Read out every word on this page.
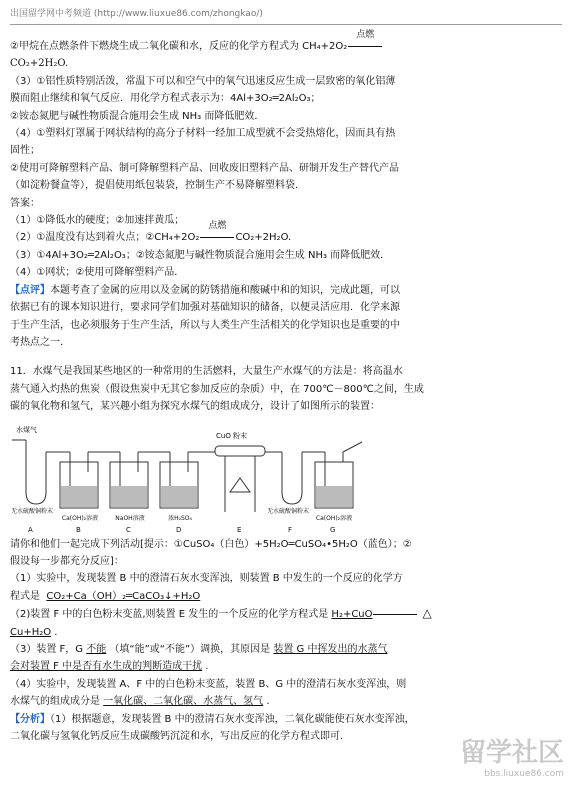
出国留学网中考频道 (http://www.liuxue86.com/zhongkao/)

②甲烷在点燃条件下燃烧生成二氧化碳和水，反应的化学方程式为 CH₄+2O₂
点燃

CO₂+2H₂O.

（3）①铝性质特别活泼，常温下可以和空气中的氧气迅速反应生成一层致密的氧化铝薄

膜而阻止继续和氧气反应．用化学方程式表示为：4Al+3O₂═2Al₂O₃；

②铵态氮肥与碱性物质混合施用会生成 NH₃ 而降低肥效．

（4）①塑料灯罩属于网状结构的高分子材料一经加工成型就不会受热熔化，因而具有热

固性；

②使用可降解塑料产品、制可降解塑料产品、回收废旧塑料产品、研制开发生产替代产品

（如淀粉餐盒等），提倡使用纸包装袋，控制生产不易降解塑料袋．

答案：

（1）①降低水的硬度；②加速拌黄瓜；

（2）①温度没有达到着火点；②CH₄+2O₂
点燃
CO₂+2H₂O.

（3）①4Al+3O₂═2Al₂O₃；②铵态氮肥与碱性物质混合施用会生成 NH₃ 而降低肥效．

（4）①网状；②使用可降解塑料产品．

【点评】本题考查了金属的应用以及金属的防锈措施和酸碱中和的知识，完成此题，可以

依据已有的课本知识进行，要求同学们加强对基础知识的储备，以便灵活应用．化学来源

于生产生活，也必须服务于生产生活，所以与人类生产生活相关的化学知识也是重要的中

考热点之一．

11．水煤气是我国某些地区的一种常用的生活燃料，大量生产水煤气的方法是：将高温水

蒸气通入灼热的焦炭（假设焦炭中无其它参加反应的杂质）中，在 700℃－800℃之间，生成

碳的氧化物和氢气，某兴趣小组为探究水煤气的组成成分，设计了如图所示的装置：

水煤气
CuO 粉末
无水硫酸铜粉末
Ca(OH)₂溶液	NaOH溶液	浓H₂SO₄
无水硫酸铜粉末
Ca(OH)₂溶液
A	B	C	D	E	F	G

请你和他们一起完成下列活动[提示：①CuSO₄（白色）+5H₂O═CuSO₄•5H₂O（蓝色）；②

假设每一步都充分反应]：

（1）实验中，发现装置 B 中的澄清石灰水变浑浊，则装置 B 中发生的一个反应的化学方

程式是 CO₂+Ca（OH）₂═CaCO₃↓+H₂O

（2)装置 F 中的白色粉末变蓝,则装置 E 发生的一个反应的化学方程式是 H₂+CuO	△

Cu+H₂O .

（3）装置 F，G 不能 （填“能”或“不能”）调换，其原因是 装置 G 中挥发出的水蒸气

会对装置 F 中是否有水生成的判断造成干扰 .

（4）实验中，发现装置 A、F 中的白色粉末变蓝，装置 B、G 中的澄清石灰水变浑浊，则

水煤气的组成成分是 一氧化碳、二氧化碳、水蒸气、氢气 .

【分析】（1）根据题意，发现装置 B 中的澄清石灰水变浑浊，二氧化碳能使石灰水变浑浊，

二氧化碳与氢氧化钙反应生成碳酸钙沉淀和水，写出反应的化学方程式即可．

留学社区
bbs.liuxue86.com
